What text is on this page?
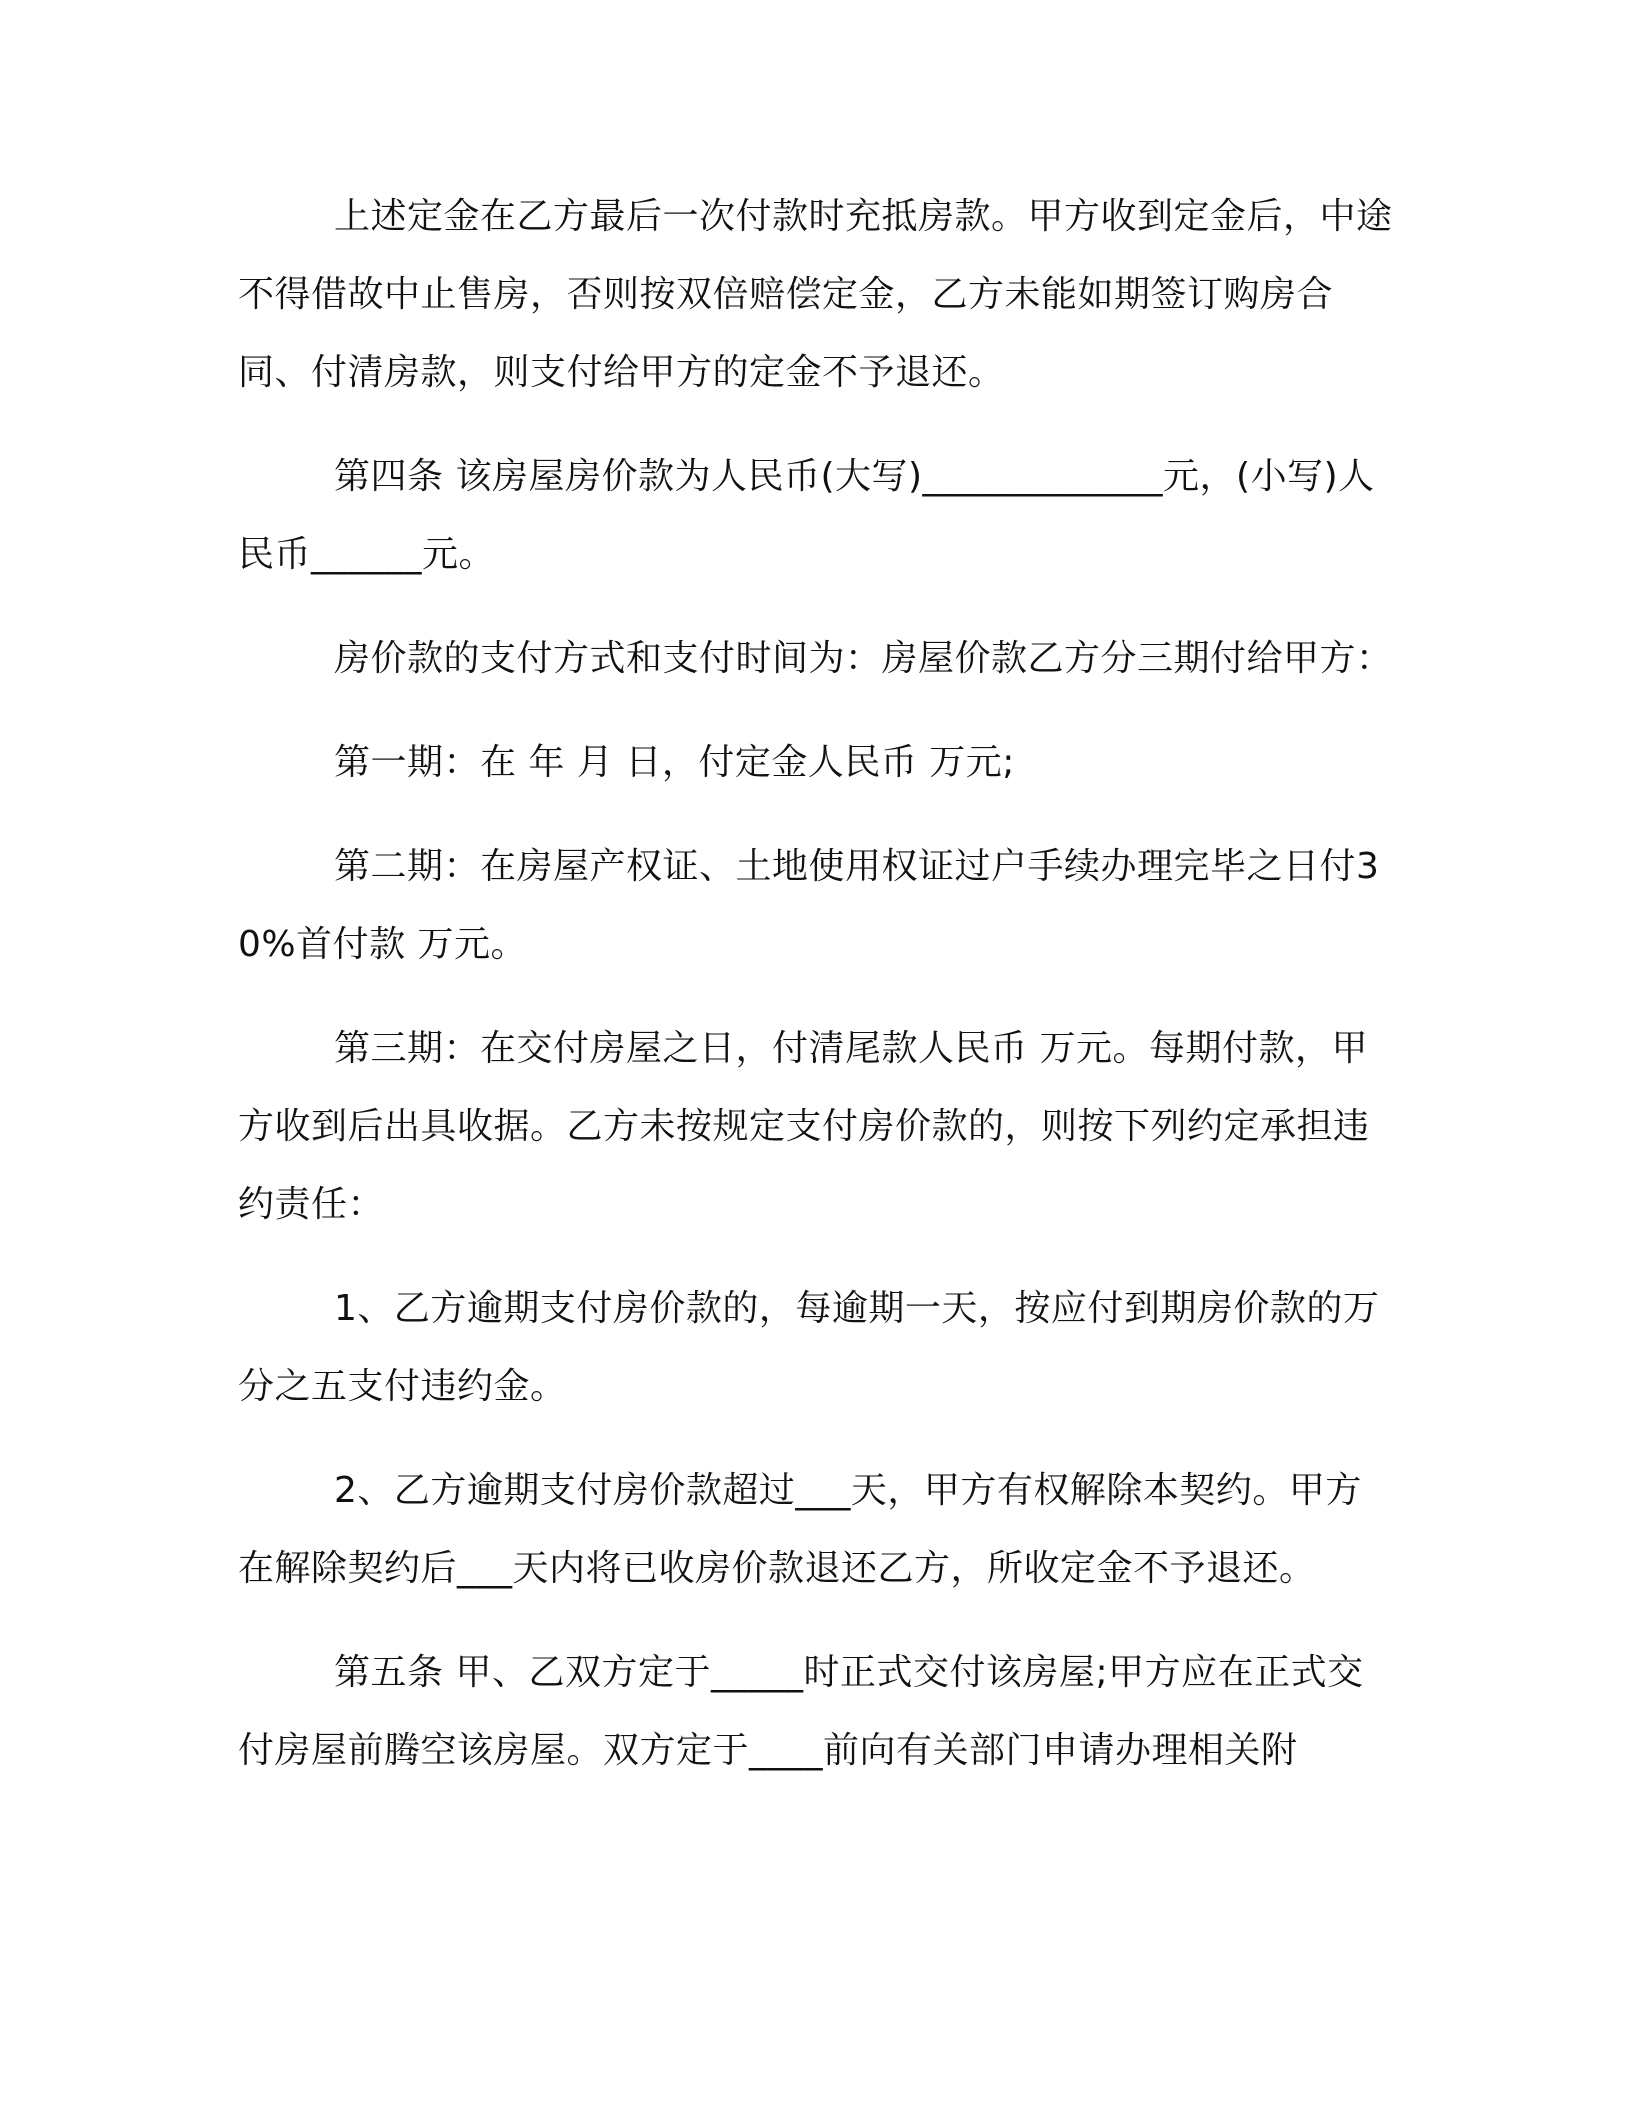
上述定金在乙方最后一次付款时充抵房款。甲方收到定金后，中途不得借故中止售房，否则按双倍赔偿定金，乙方未能如期签订购房合同、付清房款，则支付给甲方的定金不予退还。

第四条 该房屋房价款为人民币(大写)_____________元，(小写)人民币______元。

房价款的支付方式和支付时间为：房屋价款乙方分三期付给甲方：

第一期：在 年 月 日，付定金人民币 万元;

第二期：在房屋产权证、土地使用权证过户手续办理完毕之日付30%首付款 万元。

第三期：在交付房屋之日，付清尾款人民币 万元。每期付款，甲方收到后出具收据。乙方未按规定支付房价款的，则按下列约定承担违约责任：

1、乙方逾期支付房价款的，每逾期一天，按应付到期房价款的万分之五支付违约金。

2、乙方逾期支付房价款超过___天，甲方有权解除本契约。甲方在解除契约后___天内将已收房价款退还乙方，所收定金不予退还。

第五条 甲、乙双方定于_____时正式交付该房屋;甲方应在正式交付房屋前腾空该房屋。双方定于____前向有关部门申请办理相关附
